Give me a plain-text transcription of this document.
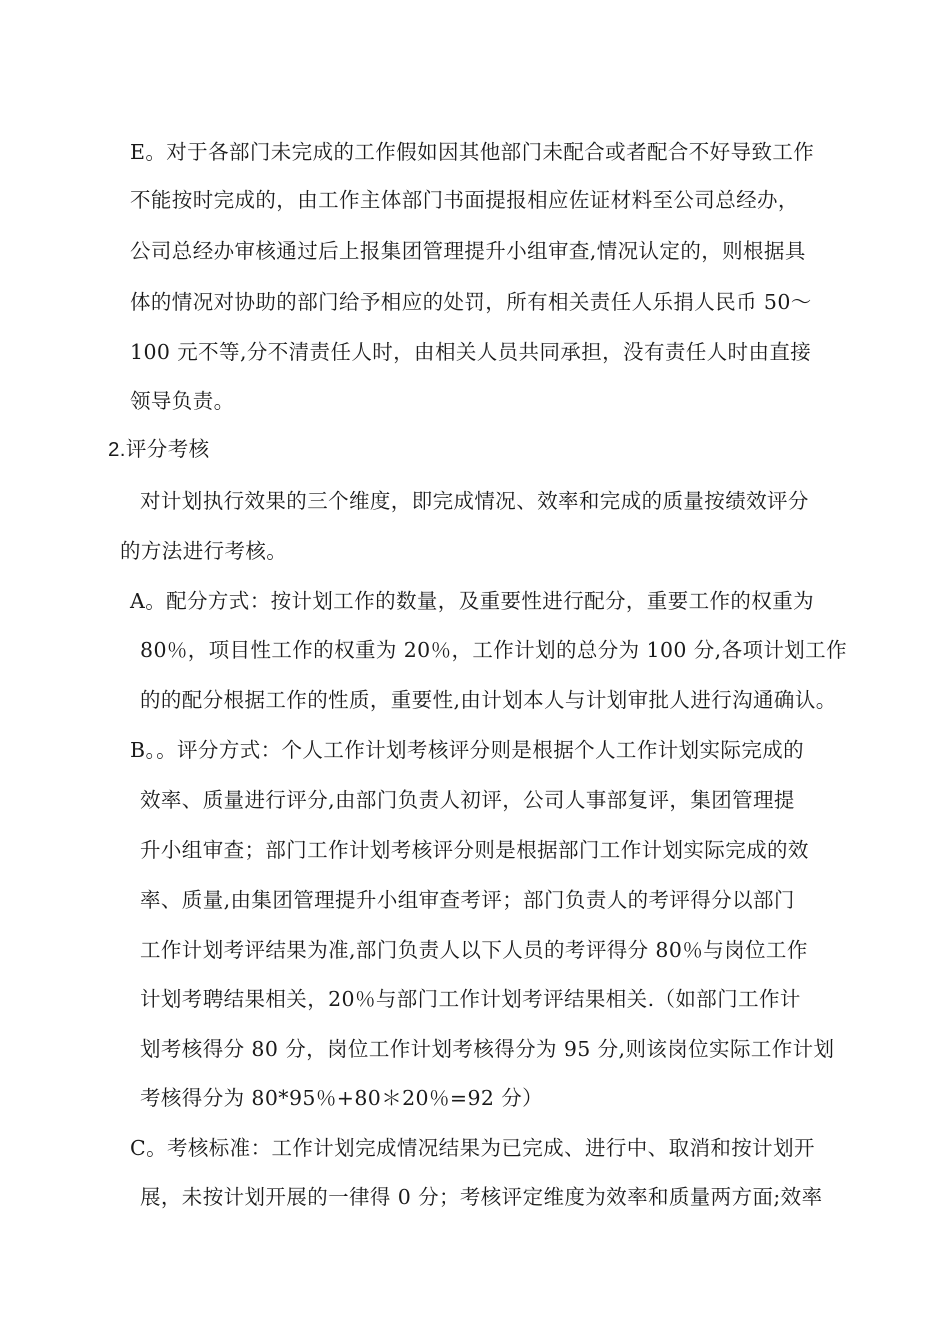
E。对于各部门未完成的工作假如因其他部门未配合或者配合不好导致工作
不能按时完成的，由工作主体部门书面提报相应佐证材料至公司总经办，
公司总经办审核通过后上报集团管理提升小组审查,情况认定的，则根据具
体的情况对协助的部门给予相应的处罚，所有相关责任人乐捐人民币 50～
100 元不等,分不清责任人时，由相关人员共同承担，没有责任人时由直接
领导负责。
2.评分考核
对计划执行效果的三个维度，即完成情况、效率和完成的质量按绩效评分
的方法进行考核。
A。配分方式：按计划工作的数量，及重要性进行配分，重要工作的权重为
80％，项目性工作的权重为 20％，工作计划的总分为 100 分,各项计划工作
的的配分根据工作的性质，重要性,由计划本人与计划审批人进行沟通确认。
B。。评分方式：个人工作计划考核评分则是根据个人工作计划实际完成的
效率、质量进行评分,由部门负责人初评，公司人事部复评，集团管理提
升小组审查；部门工作计划考核评分则是根据部门工作计划实际完成的效
率、质量,由集团管理提升小组审查考评；部门负责人的考评得分以部门
工作计划考评结果为准,部门负责人以下人员的考评得分 80％与岗位工作
计划考聘结果相关，20％与部门工作计划考评结果相关.（如部门工作计
划考核得分 80 分，岗位工作计划考核得分为 95 分,则该岗位实际工作计划
考核得分为 80*95％+80＊20％=92 分）
C。考核标准：工作计划完成情况结果为已完成、进行中、取消和按计划开
展，未按计划开展的一律得 0 分；考核评定维度为效率和质量两方面;效率
